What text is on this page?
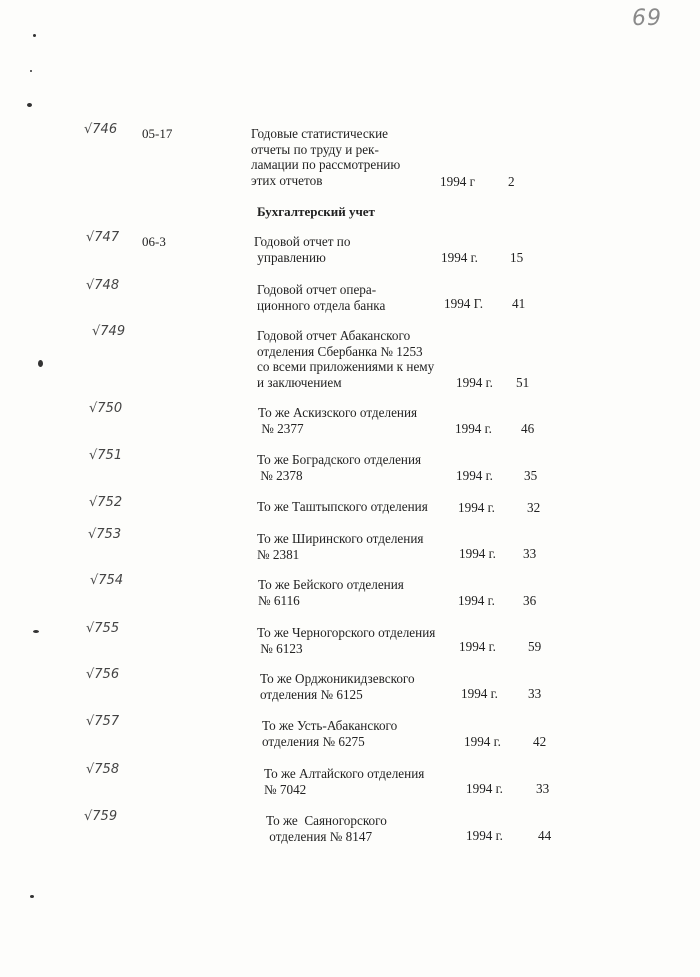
69
Бухгалтерский учет
√746 05-17	Годовые статистические
отчеты по труду и рек-
ламации по рассмотрению
этих отчетов	1994 г 2
√747 06-3	Годовой отчет по
управлению	1994 г. 15
√748	Годовой отчет опера-
ционного отдела банка	1994 Г. 41
√749	Годовой отчет Абаканского
отделения Сбербанка № 1253
со всеми приложениями к нему
и заключением	1994 г. 51
√750	То же Аскизского отделения
№ 2377	1994 г. 46
√751	То же Боградского отделения
№ 2378	1994 г. 35
√752	То же Таштыпского отделения 1994 г. 32
√753	То же Ширинского отделения
№ 2381	1994 г. 33
√754	То же Бейского отделения
№ 6116	1994 г. 36
√755	То же Черногорского отделения
№ 6123	1994 г. 59
√756	То же Орджоникидзевского
отделения № 6125	1994 г. 33
√757	То же Усть-Абаканского
отделения № 6275	1994 г. 42
√758	То же Алтайского отделения
№ 7042	1994 г.	33
√759	То же  Саяногорского
отделения № 8147	1994 г.	44
